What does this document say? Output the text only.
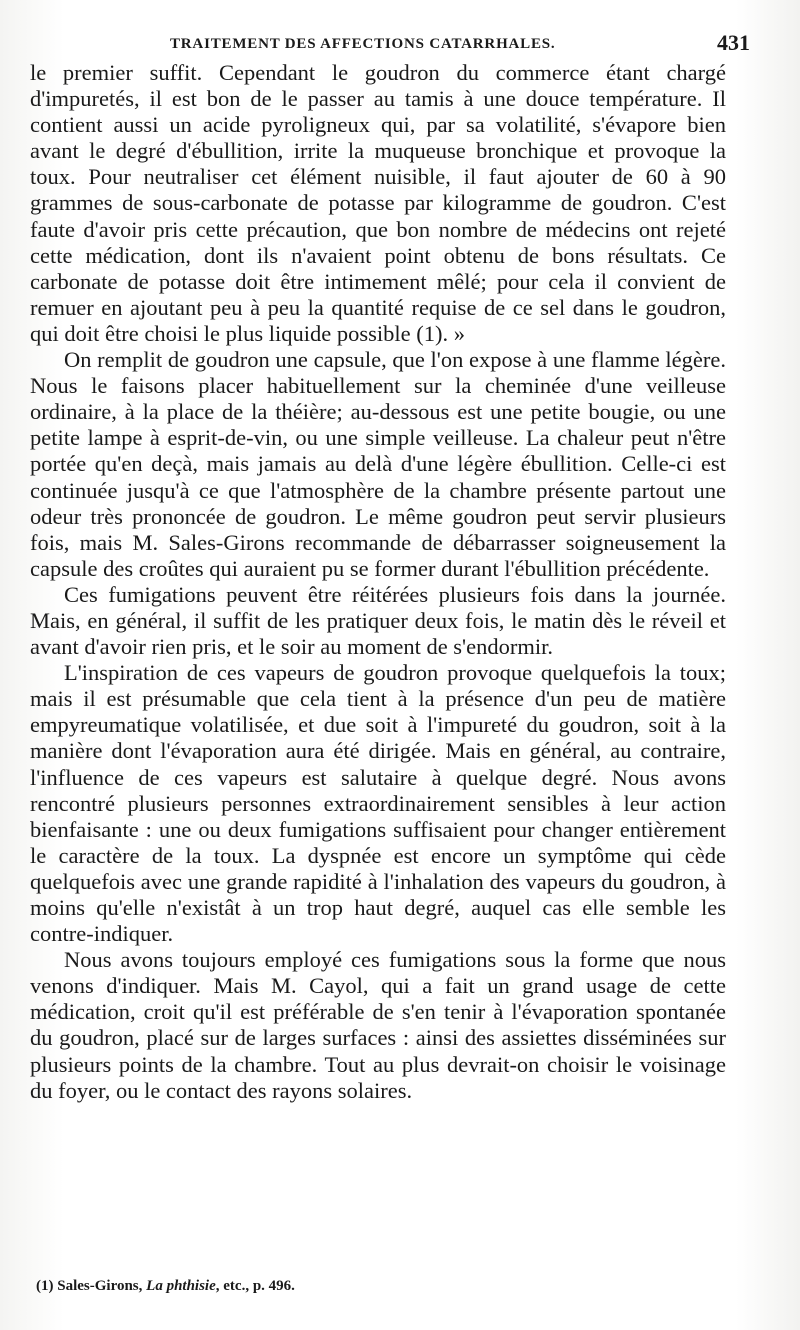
TRAITEMENT DES AFFECTIONS CATARRHALES.	431

le premier suffit. Cependant le goudron du commerce étant chargé d'impuretés, il est bon de le passer au tamis à une douce température. Il contient aussi un acide pyroligneux qui, par sa volatilité, s'évapore bien avant le degré d'ébullition, irrite la muqueuse bronchique et provoque la toux. Pour neutraliser cet élément nuisible, il faut ajouter de 60 à 90 grammes de sous-carbonate de potasse par kilogramme de goudron. C'est faute d'avoir pris cette précaution, que bon nombre de médecins ont rejeté cette médication, dont ils n'avaient point obtenu de bons résultats. Ce carbonate de potasse doit être intimement mêlé; pour cela il convient de remuer en ajoutant peu à peu la quantité requise de ce sel dans le goudron, qui doit être choisi le plus liquide possible (1). »

On remplit de goudron une capsule, que l'on expose à une flamme légère. Nous le faisons placer habituellement sur la cheminée d'une veilleuse ordinaire, à la place de la théière; au-dessous est une petite bougie, ou une petite lampe à esprit-de-vin, ou une simple veilleuse. La chaleur peut n'être portée qu'en deçà, mais jamais au delà d'une légère ébullition. Celle-ci est continuée jusqu'à ce que l'atmosphère de la chambre présente partout une odeur très prononcée de goudron. Le même goudron peut servir plusieurs fois, mais M. Sales-Girons recommande de débarrasser soigneusement la capsule des croûtes qui auraient pu se former durant l'ébullition précédente.

Ces fumigations peuvent être réitérées plusieurs fois dans la journée. Mais, en général, il suffit de les pratiquer deux fois, le matin dès le réveil et avant d'avoir rien pris, et le soir au moment de s'endormir.

L'inspiration de ces vapeurs de goudron provoque quelquefois la toux; mais il est présumable que cela tient à la présence d'un peu de matière empyreumatique volatilisée, et due soit à l'impureté du goudron, soit à la manière dont l'évaporation aura été dirigée. Mais en général, au contraire, l'influence de ces vapeurs est salutaire à quelque degré. Nous avons rencontré plusieurs personnes extraordinairement sensibles à leur action bienfaisante : une ou deux fumigations suffisaient pour changer entièrement le caractère de la toux. La dyspnée est encore un symptôme qui cède quelquefois avec une grande rapidité à l'inhalation des vapeurs du goudron, à moins qu'elle n'existât à un trop haut degré, auquel cas elle semble les contre-indiquer.

Nous avons toujours employé ces fumigations sous la forme que nous venons d'indiquer. Mais M. Cayol, qui a fait un grand usage de cette médication, croit qu'il est préférable de s'en tenir à l'évaporation spontanée du goudron, placé sur de larges surfaces : ainsi des assiettes disséminées sur plusieurs points de la chambre. Tout au plus devrait-on choisir le voisinage du foyer, ou le contact des rayons solaires.

(1) Sales-Girons, La phthisie, etc., p. 496.
